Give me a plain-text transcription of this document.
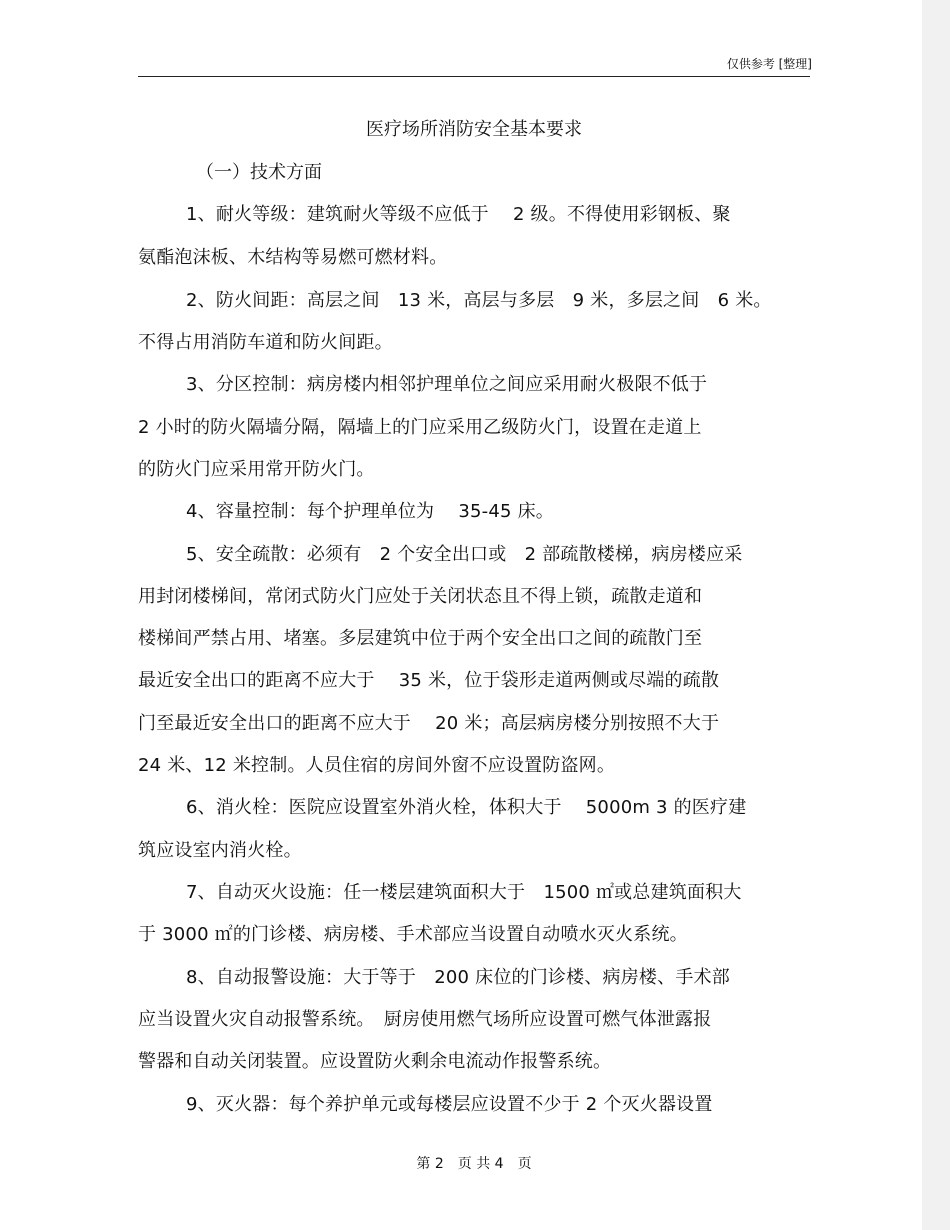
仅供参考 [整理]
医疗场所消防安全基本要求
（一）技术方面
1、耐火等级：建筑耐火等级不应低于　 2 级。不得使用彩钢板、聚
氨酯泡沫板、木结构等易燃可燃材料。
2、防火间距：高层之间　13 米，高层与多层　9 米，多层之间　6 米。
不得占用消防车道和防火间距。
3、分区控制：病房楼内相邻护理单位之间应采用耐火极限不低于
2 小时的防火隔墙分隔，隔墙上的门应采用乙级防火门，设置在走道上
的防火门应采用常开防火门。
4、容量控制：每个护理单位为　 35-45 床。
5、安全疏散：必须有　2 个安全出口或　2 部疏散楼梯，病房楼应采
用封闭楼梯间，常闭式防火门应处于关闭状态且不得上锁，疏散走道和
楼梯间严禁占用、堵塞。多层建筑中位于两个安全出口之间的疏散门至
最近安全出口的距离不应大于　 35 米，位于袋形走道两侧或尽端的疏散
门至最近安全出口的距离不应大于　 20 米；高层病房楼分别按照不大于
24 米、12 米控制。人员住宿的房间外窗不应设置防盗网。
6、消火栓：医院应设置室外消火栓，体积大于　 5000m 3 的医疗建
筑应设室内消火栓。
7、自动灭火设施：任一楼层建筑面积大于　1500 ㎡或总建筑面积大
于 3000 ㎡的门诊楼、病房楼、手术部应当设置自动喷水灭火系统。
8、自动报警设施：大于等于　200 床位的门诊楼、病房楼、手术部
应当设置火灾自动报警系统。　厨房使用燃气场所应设置可燃气体泄露报
警器和自动关闭装置。应设置防火剩余电流动作报警系统。
9、灭火器：每个养护单元或每楼层应设置不少于 2 个灭火器设置
第 2　页 共 4　页
